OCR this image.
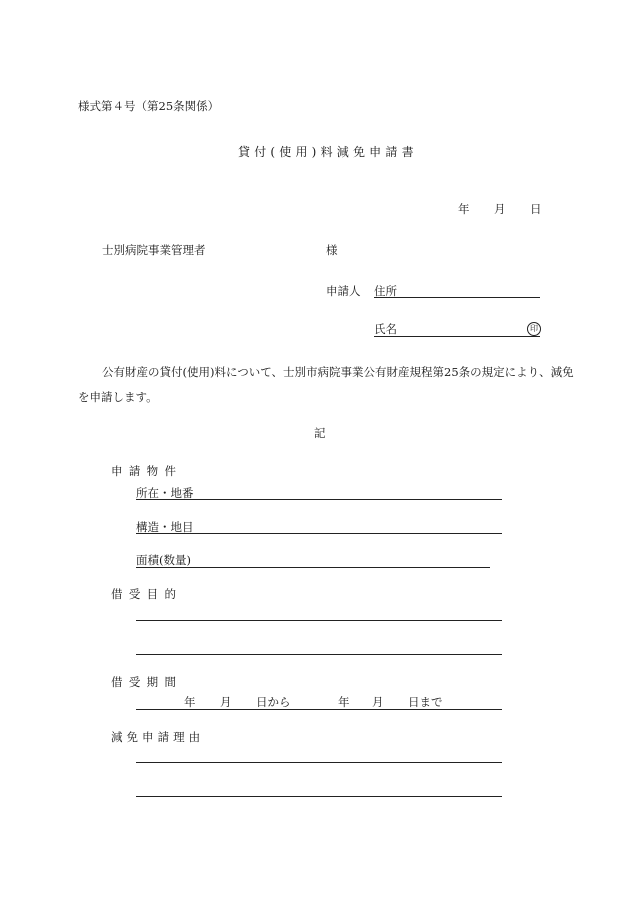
様式第４号（第25条関係）
貸付(使用)料減免申請書
年 月 日
士別病院事業管理者	様
申請人 住所
氏名	印
公有財産の貸付(使用)料について、士別市病院事業公有財産規程第25条の規定により、減免を申請します。
記
申請物件
所在・地番
構造・地目
面積(数量)
借受目的
借受期間
年 月 日から	年 月 日まで
減免申請理由
